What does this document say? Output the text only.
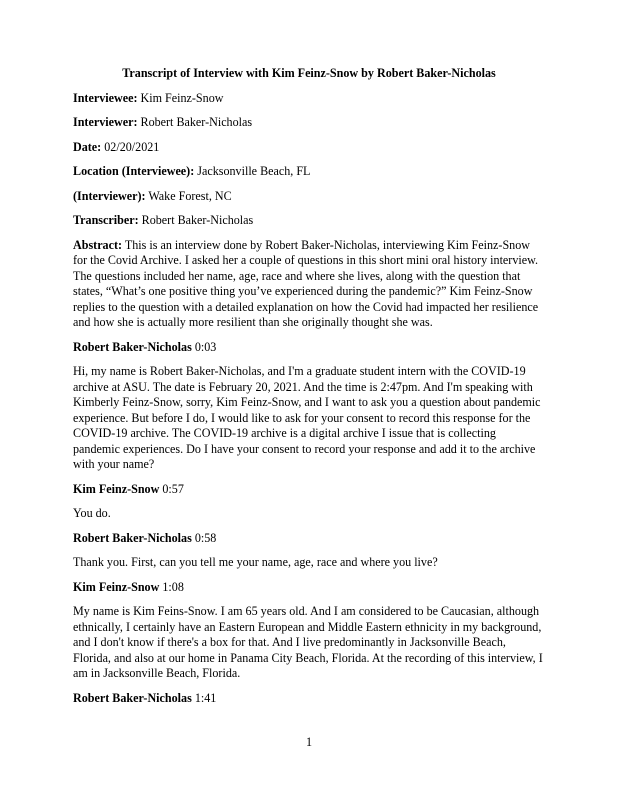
Transcript of Interview with Kim Feinz-Snow by Robert Baker-Nicholas

Interviewee: Kim Feinz-Snow

Interviewer: Robert Baker-Nicholas

Date: 02/20/2021

Location (Interviewee): Jacksonville Beach, FL

(Interviewer): Wake Forest, NC

Transcriber: Robert Baker-Nicholas

Abstract: This is an interview done by Robert Baker-Nicholas, interviewing Kim Feinz-Snow for the Covid Archive. I asked her a couple of questions in this short mini oral history interview. The questions included her name, age, race and where she lives, along with the question that states, “What’s one positive thing you’ve experienced during the pandemic?” Kim Feinz-Snow replies to the question with a detailed explanation on how the Covid had impacted her resilience and how she is actually more resilient than she originally thought she was.

Robert Baker-Nicholas 0:03

Hi, my name is Robert Baker-Nicholas, and I'm a graduate student intern with the COVID-19 archive at ASU. The date is February 20, 2021. And the time is 2:47pm. And I'm speaking with Kimberly Feinz-Snow, sorry, Kim Feinz-Snow, and I want to ask you a question about pandemic experience. But before I do, I would like to ask for your consent to record this response for the COVID-19 archive. The COVID-19 archive is a digital archive I issue that is collecting pandemic experiences. Do I have your consent to record your response and add it to the archive with your name?

Kim Feinz-Snow 0:57

You do.

Robert Baker-Nicholas 0:58

Thank you. First, can you tell me your name, age, race and where you live?

Kim Feinz-Snow 1:08

My name is Kim Feins-Snow. I am 65 years old. And I am considered to be Caucasian, although ethnically, I certainly have an Eastern European and Middle Eastern ethnicity in my background, and I don't know if there's a box for that. And I live predominantly in Jacksonville Beach, Florida, and also at our home in Panama City Beach, Florida. At the recording of this interview, I am in Jacksonville Beach, Florida.

Robert Baker-Nicholas 1:41

1
